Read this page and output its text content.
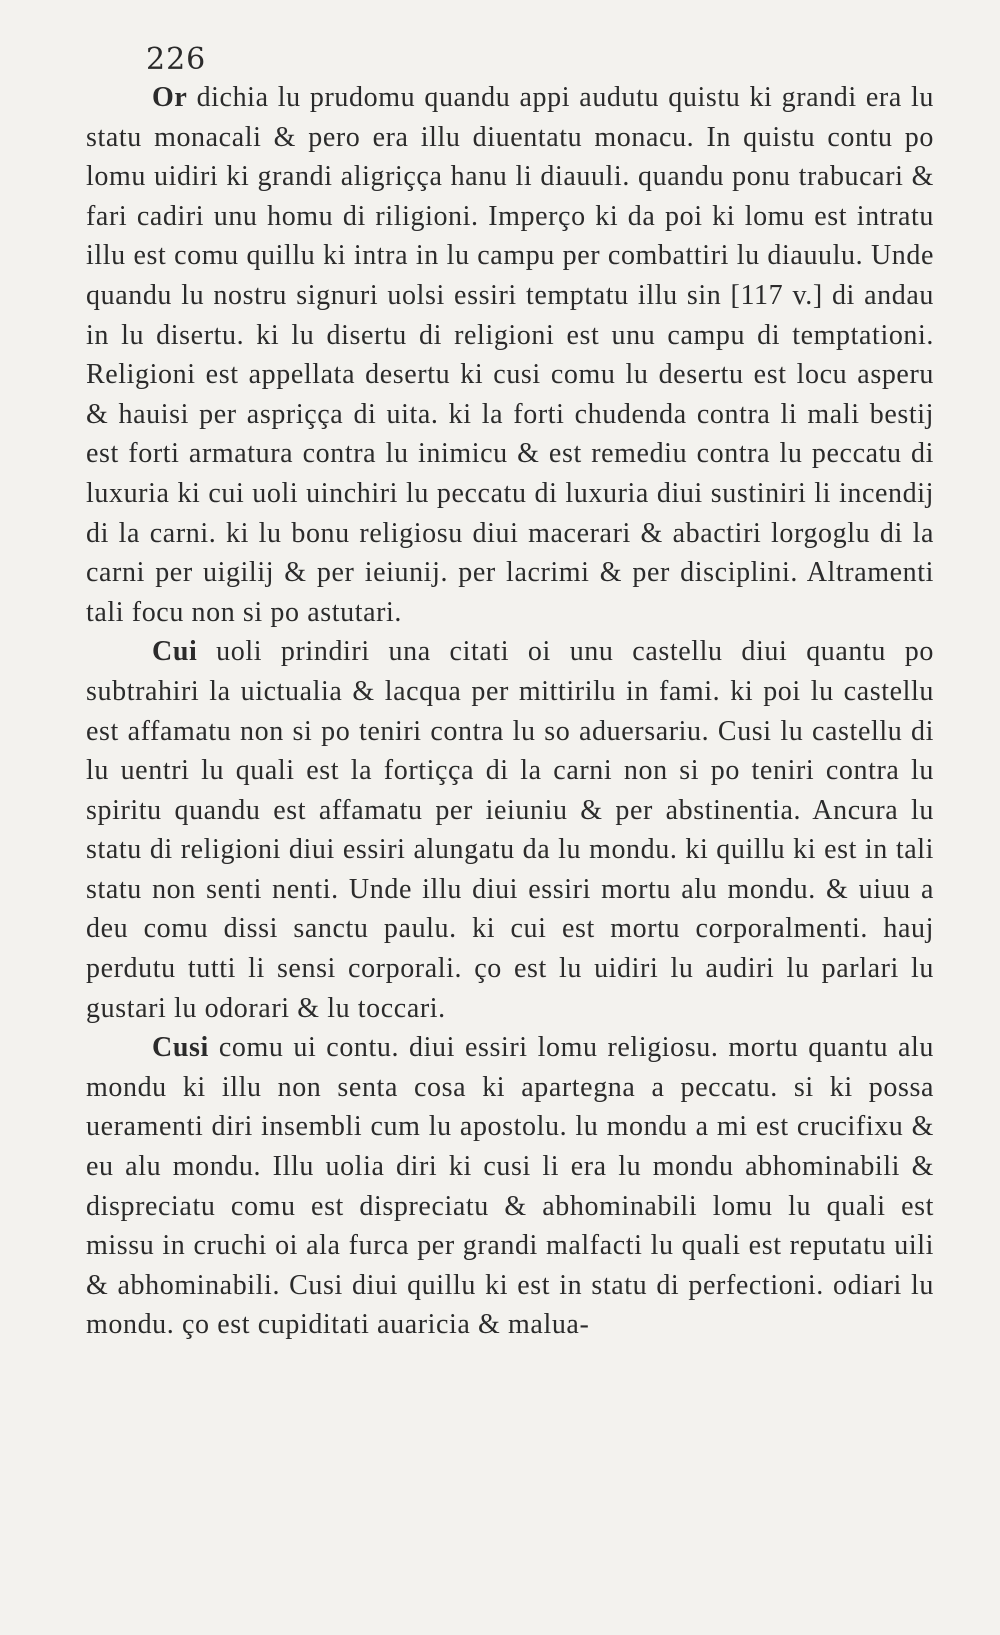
226

Or dichia lu prudomu quandu appi audutu quistu ki grandi era lu statu monacali & pero era illu diuentatu monacu. In quistu contu po lomu uidiri ki grandi aligriçça hanu li diauuli. quandu ponu trabucari & fari cadiri unu homu di riligioni. Imperço ki da poi ki lomu est intratu illu est comu quillu ki intra in lu campu per combattiri lu diauulu. Unde quandu lu nostru signuri uolsi essiri temptatu illu sin [117 v.] di andau in lu disertu. ki lu disertu di religioni est unu campu di temptationi. Religioni est appellata desertu ki cusi comu lu desertu est locu asperu & hauisi per aspriçça di uita. ki la forti chudenda contra li mali bestij est forti armatura contra lu inimicu & est remediu contra lu peccatu di luxuria ki cui uoli uinchiri lu peccatu di luxuria diui sustiniri li incendij di la carni. ki lu bonu religiosu diui macerari & abactiri lorgoglu di la carni per uigilij & per ieiunij. per lacrimi & per disciplini. Altramenti tali focu non si po astutari.

Cui uoli prindiri una citati oi unu castellu diui quantu po subtrahiri la uictualia & lacqua per mittirilu in fami. ki poi lu castellu est affamatu non si po teniri contra lu so aduersariu. Cusi lu castellu di lu uentri lu quali est la fortiçça di la carni non si po teniri contra lu spiritu quandu est affamatu per ieiuniu & per abstinentia. Ancura lu statu di religioni diui essiri alungatu da lu mondu. ki quillu ki est in tali statu non senti nenti. Unde illu diui essiri mortu alu mondu. & uiuu a deu comu dissi sanctu paulu. ki cui est mortu corporalmenti. hauj perdutu tutti li sensi corporali. ço est lu uidiri lu audiri lu parlari lu gustari lu odorari & lu toccari.

Cusi comu ui contu. diui essiri lomu religiosu. mortu quantu alu mondu ki illu non senta cosa ki apartegna a peccatu. si ki possa ueramenti diri insembli cum lu apostolu. lu mondu a mi est crucifixu & eu alu mondu. Illu uolia diri ki cusi li era lu mondu abhominabili & dispreciatu comu est dispreciatu & abhominabili lomu lu quali est missu in cruchi oi ala furca per grandi malfacti lu quali est reputatu uili & abhominabili. Cusi diui quillu ki est in statu di perfectioni. odiari lu mondu. ço est cupiditati auaricia & malua-
